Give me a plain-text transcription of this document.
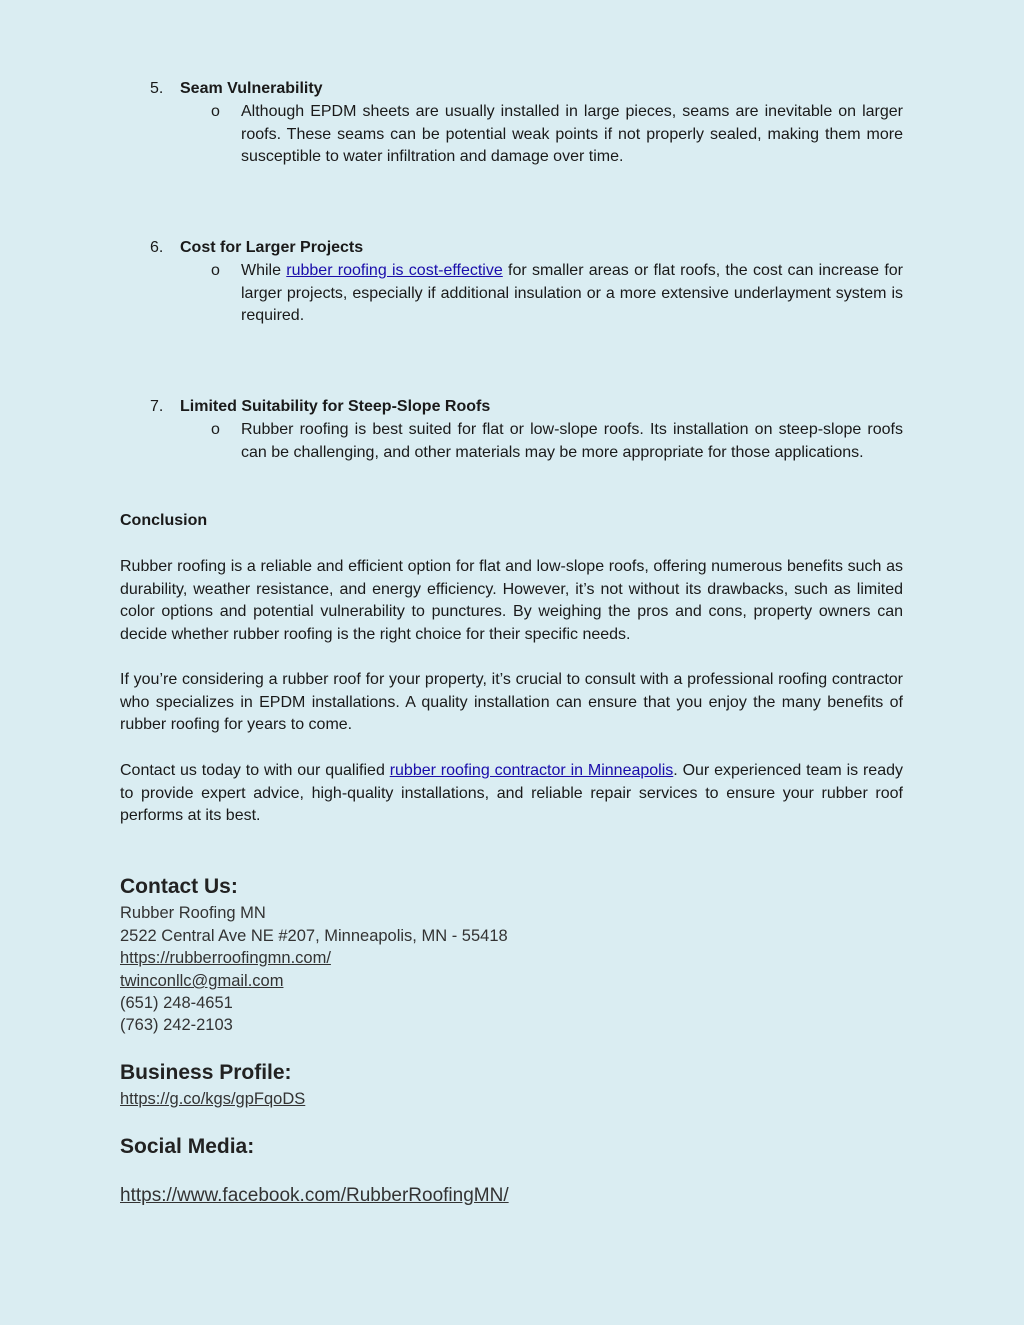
5. Seam Vulnerability
o Although EPDM sheets are usually installed in large pieces, seams are inevitable on larger roofs. These seams can be potential weak points if not properly sealed, making them more susceptible to water infiltration and damage over time.
6. Cost for Larger Projects
o While rubber roofing is cost-effective for smaller areas or flat roofs, the cost can increase for larger projects, especially if additional insulation or a more extensive underlayment system is required.
7. Limited Suitability for Steep-Slope Roofs
o Rubber roofing is best suited for flat or low-slope roofs. Its installation on steep-slope roofs can be challenging, and other materials may be more appropriate for those applications.
Conclusion
Rubber roofing is a reliable and efficient option for flat and low-slope roofs, offering numerous benefits such as durability, weather resistance, and energy efficiency. However, it’s not without its drawbacks, such as limited color options and potential vulnerability to punctures. By weighing the pros and cons, property owners can decide whether rubber roofing is the right choice for their specific needs.
If you’re considering a rubber roof for your property, it’s crucial to consult with a professional roofing contractor who specializes in EPDM installations. A quality installation can ensure that you enjoy the many benefits of rubber roofing for years to come.
Contact us today to with our qualified rubber roofing contractor in Minneapolis. Our experienced team is ready to provide expert advice, high-quality installations, and reliable repair services to ensure your rubber roof performs at its best.
Contact Us:
Rubber Roofing MN
2522 Central Ave NE #207, Minneapolis, MN - 55418
https://rubberroofingmn.com/
twinconllc@gmail.com
(651) 248-4651
(763) 242-2103
Business Profile:
https://g.co/kgs/gpFqoDS
Social Media:
https://www.facebook.com/RubberRoofingMN/
